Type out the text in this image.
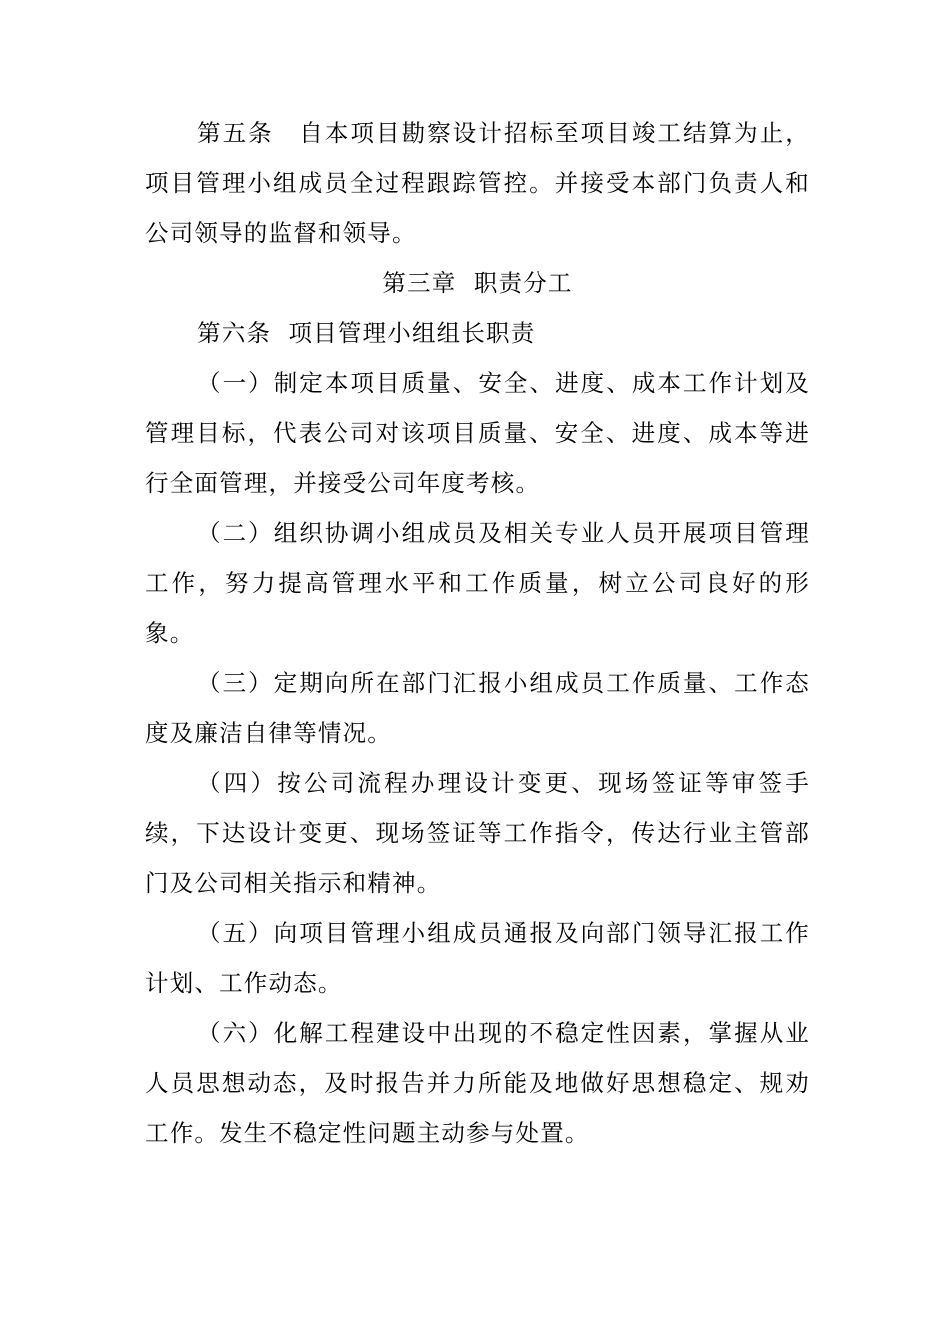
第五条　自本项目勘察设计招标至项目竣工结算为止，项目管理小组成员全过程跟踪管控。并接受本部门负责人和公司领导的监督和领导。

第三章  职责分工

第六条  项目管理小组组长职责

（一）制定本项目质量、安全、进度、成本工作计划及管理目标，代表公司对该项目质量、安全、进度、成本等进行全面管理，并接受公司年度考核。

（二）组织协调小组成员及相关专业人员开展项目管理工作，努力提高管理水平和工作质量，树立公司良好的形象。

（三）定期向所在部门汇报小组成员工作质量、工作态度及廉洁自律等情况。

（四）按公司流程办理设计变更、现场签证等审签手续，下达设计变更、现场签证等工作指令，传达行业主管部门及公司相关指示和精神。

（五）向项目管理小组成员通报及向部门领导汇报工作计划、工作动态。

（六）化解工程建设中出现的不稳定性因素，掌握从业人员思想动态，及时报告并力所能及地做好思想稳定、规劝工作。发生不稳定性问题主动参与处置。
